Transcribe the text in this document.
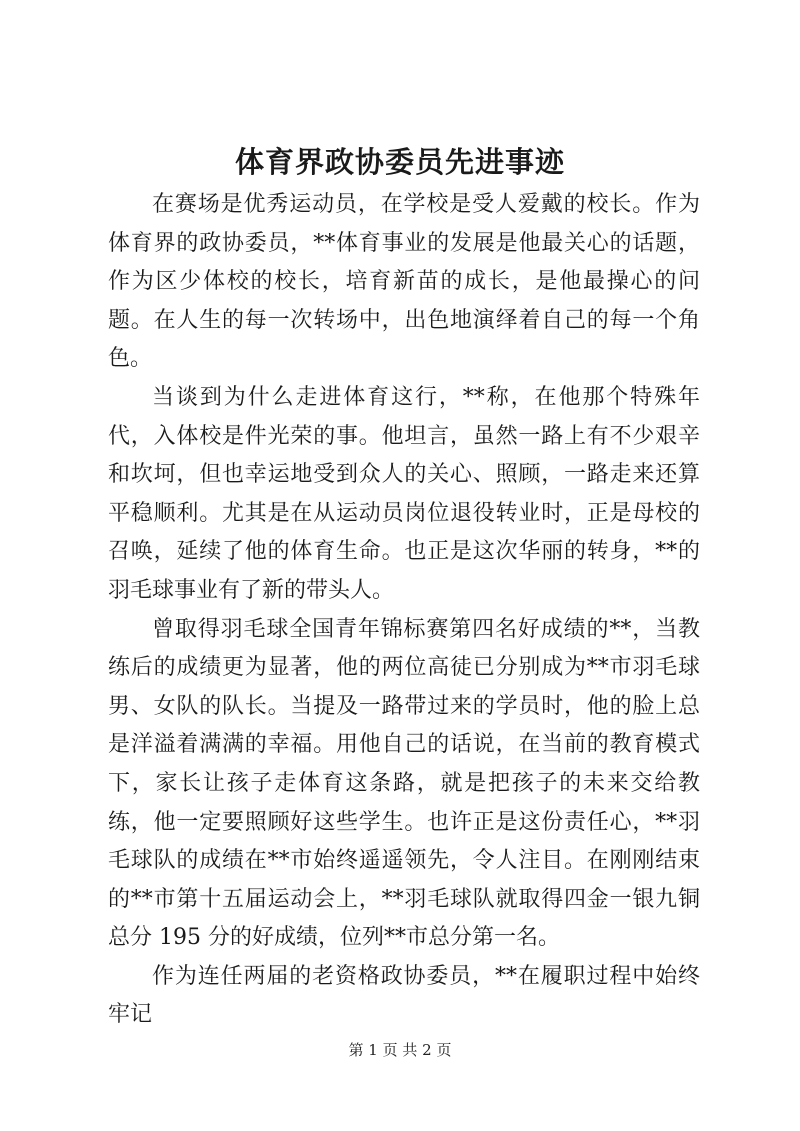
体育界政协委员先进事迹

在赛场是优秀运动员，在学校是受人爱戴的校长。作为体育界的政协委员，**体育事业的发展是他最关心的话题，作为区少体校的校长，培育新苗的成长，是他最操心的问题。在人生的每一次转场中，出色地演绎着自己的每一个角色。

当谈到为什么走进体育这行，**称，在他那个特殊年代，入体校是件光荣的事。他坦言，虽然一路上有不少艰辛和坎坷，但也幸运地受到众人的关心、照顾，一路走来还算平稳顺利。尤其是在从运动员岗位退役转业时，正是母校的召唤，延续了他的体育生命。也正是这次华丽的转身，**的羽毛球事业有了新的带头人。

曾取得羽毛球全国青年锦标赛第四名好成绩的**，当教练后的成绩更为显著，他的两位高徒已分别成为**市羽毛球男、女队的队长。当提及一路带过来的学员时，他的脸上总是洋溢着满满的幸福。用他自己的话说，在当前的教育模式下，家长让孩子走体育这条路，就是把孩子的未来交给教练，他一定要照顾好这些学生。也许正是这份责任心，**羽毛球队的成绩在**市始终遥遥领先，令人注目。在刚刚结束的**市第十五届运动会上，**羽毛球队就取得四金一银九铜总分 195 分的好成绩，位列**市总分第一名。

作为连任两届的老资格政协委员，**在履职过程中始终牢记

第 1 页 共 2 页
